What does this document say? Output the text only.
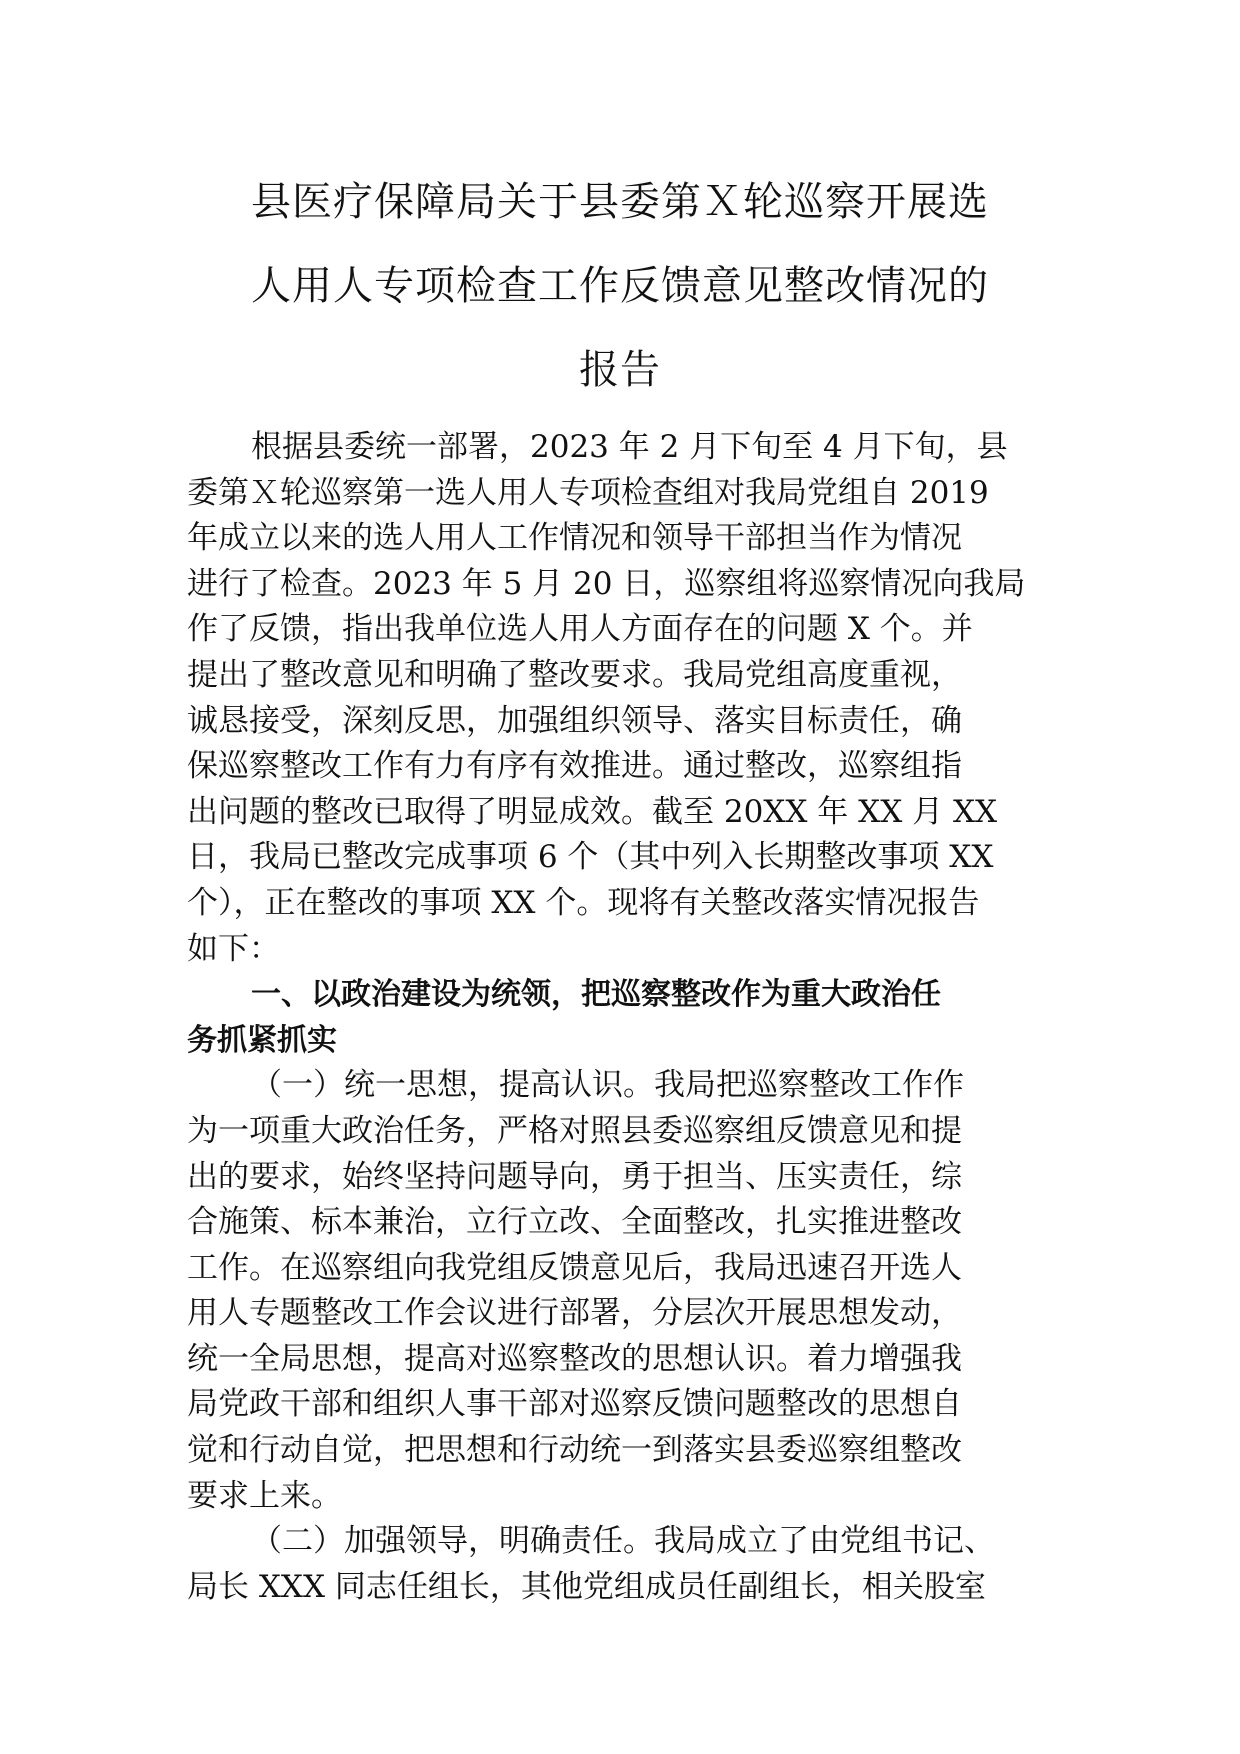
县医疗保障局关于县委第Ｘ轮巡察开展选
人用人专项检查工作反馈意见整改情况的
报告
根据县委统一部署，2023 年 2 月下旬至 4 月下旬，县
委第Ｘ轮巡察第一选人用人专项检查组对我局党组自 2019
年成立以来的选人用人工作情况和领导干部担当作为情况
进行了检查。2023 年 5 月 20 日，巡察组将巡察情况向我局
作了反馈，指出我单位选人用人方面存在的问题 X 个。并
提出了整改意见和明确了整改要求。我局党组高度重视，
诚恳接受，深刻反思，加强组织领导、落实目标责任，确
保巡察整改工作有力有序有效推进。通过整改，巡察组指
出问题的整改已取得了明显成效。截至 20XX 年 XX 月 XX
日，我局已整改完成事项 6 个（其中列入长期整改事项 XX
个），正在整改的事项 XX 个。现将有关整改落实情况报告
如下：
一、以政治建设为统领，把巡察整改作为重大政治任
务抓紧抓实
（一）统一思想，提高认识。我局把巡察整改工作作
为一项重大政治任务，严格对照县委巡察组反馈意见和提
出的要求，始终坚持问题导向，勇于担当、压实责任，综
合施策、标本兼治，立行立改、全面整改，扎实推进整改
工作。在巡察组向我党组反馈意见后，我局迅速召开选人
用人专题整改工作会议进行部署，分层次开展思想发动，
统一全局思想，提高对巡察整改的思想认识。着力增强我
局党政干部和组织人事干部对巡察反馈问题整改的思想自
觉和行动自觉，把思想和行动统一到落实县委巡察组整改
要求上来。
（二）加强领导，明确责任。我局成立了由党组书记、
局长 XXX 同志任组长，其他党组成员任副组长，相关股室
